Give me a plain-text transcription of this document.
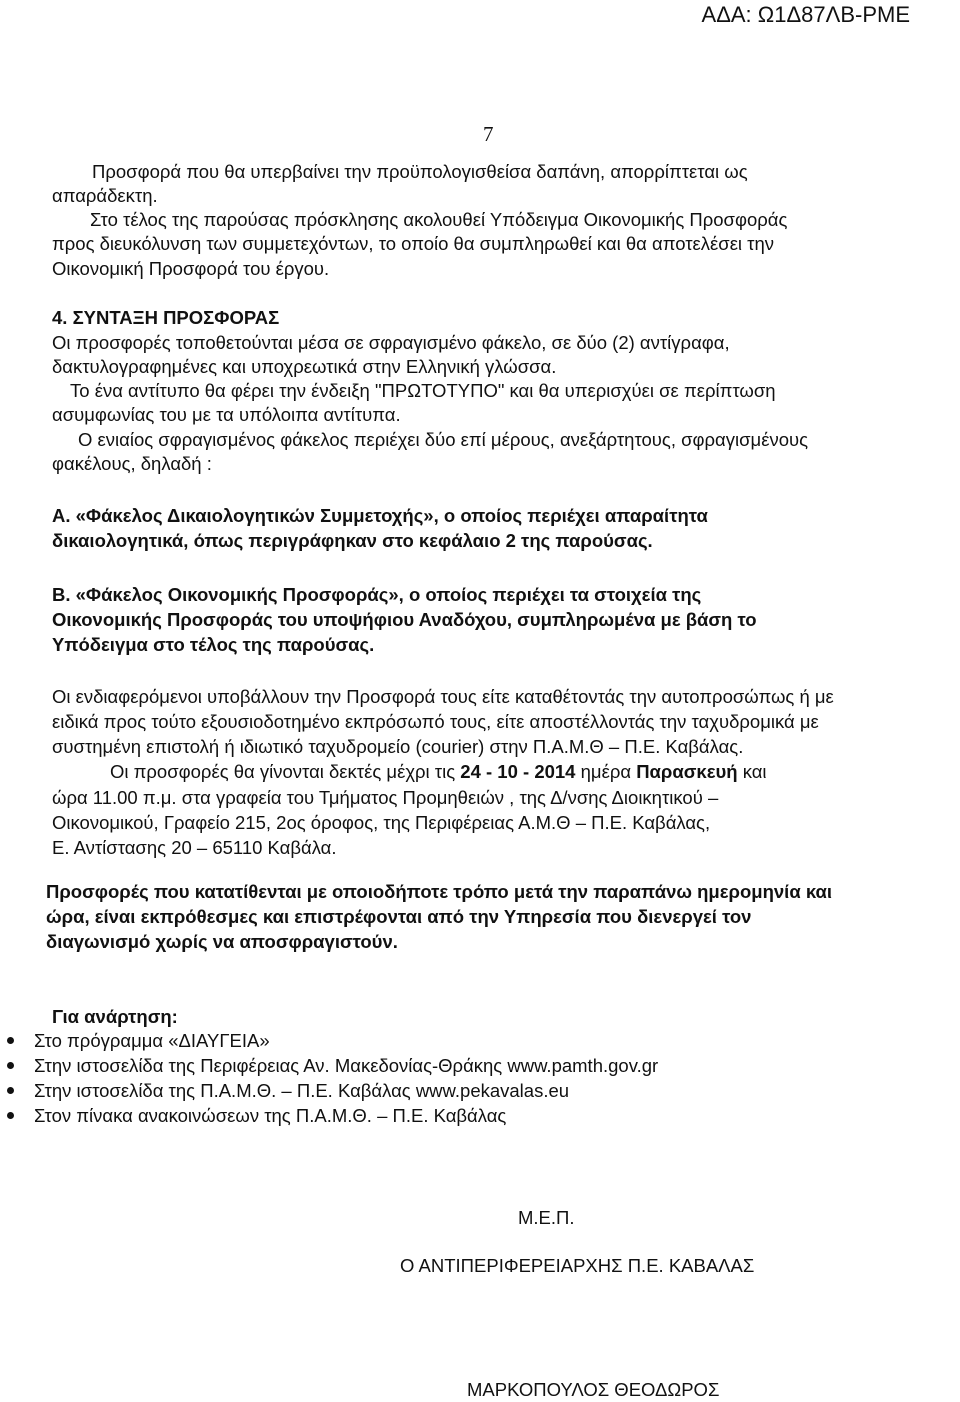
ΑΔΑ: Ω1Δ87ΛΒ-ΡΜΕ
7
Προσφορά που θα υπερβαίνει την προϋπολογισθείσα δαπάνη, απορρίπτεται ως
απαράδεκτη.
Στο τέλος της παρούσας πρόσκλησης ακολουθεί Υπόδειγμα Οικονομικής Προσφοράς
προς διευκόλυνση των συμμετεχόντων, το οποίο θα συμπληρωθεί και θα αποτελέσει την
Οικονομική Προσφορά του έργου.
4. ΣΥΝΤΑΞΗ ΠΡΟΣΦΟΡΑΣ
Οι προσφορές τοποθετούνται μέσα σε σφραγισμένο φάκελο, σε δύο (2) αντίγραφα,
δακτυλογραφημένες και υποχρεωτικά στην Ελληνική γλώσσα.
Το ένα αντίτυπο θα φέρει την ένδειξη "ΠΡΩΤΟΤΥΠΟ" και θα υπερισχύει σε περίπτωση
ασυμφωνίας του με τα υπόλοιπα αντίτυπα.
Ο ενιαίος σφραγισμένος φάκελος περιέχει δύο επί μέρους, ανεξάρτητους, σφραγισμένους
φακέλους, δηλαδή :
Α. «Φάκελος Δικαιολογητικών Συμμετοχής», ο οποίος περιέχει απαραίτητα
δικαιολογητικά, όπως περιγράφηκαν στο κεφάλαιο 2 της παρούσας.
Β. «Φάκελος Οικονομικής Προσφοράς», ο οποίος περιέχει τα στοιχεία της
Οικονομικής Προσφοράς του υποψήφιου Αναδόχου, συμπληρωμένα με βάση το
Υπόδειγμα στο τέλος της παρούσας.
Οι ενδιαφερόμενοι υποβάλλουν την Προσφορά τους είτε καταθέτοντάς την αυτοπροσώπως ή με
ειδικά προς τούτο εξουσιοδοτημένο εκπρόσωπό τους, είτε αποστέλλοντάς την ταχυδρομικά με
συστημένη επιστολή ή ιδιωτικό ταχυδρομείο (courier) στην Π.Α.Μ.Θ – Π.Ε. Καβάλας.
Οι προσφορές θα γίνονται δεκτές μέχρι τις 24 - 10 - 2014 ημέρα Παρασκευή και
ώρα 11.00 π.μ. στα γραφεία του Τμήματος Προμηθειών , της Δ/νσης Διοικητικού –
Οικονομικού, Γραφείο 215, 2ος όροφος, της Περιφέρειας Α.Μ.Θ – Π.Ε. Καβάλας,
Ε. Αντίστασης 20 – 65110 Καβάλα.
Προσφορές που κατατίθενται με οποιοδήποτε τρόπο μετά την παραπάνω ημερομηνία και
ώρα, είναι εκπρόθεσμες και επιστρέφονται από την Υπηρεσία που διενεργεί τον
διαγωνισμό χωρίς να αποσφραγιστούν.
Για ανάρτηση:
Στο πρόγραμμα «ΔΙΑΥΓΕΙΑ»
Στην ιστοσελίδα της Περιφέρειας Αν. Μακεδονίας-Θράκης www.pamth.gov.gr
Στην ιστοσελίδα της Π.Α.Μ.Θ. – Π.Ε. Καβάλας www.pekavalas.eu
Στον πίνακα ανακοινώσεων της Π.Α.Μ.Θ. – Π.Ε. Καβάλας
Μ.Ε.Π.
Ο ΑΝΤΙΠΕΡΙΦΕΡΕΙΑΡΧΗΣ Π.Ε. ΚΑΒΑΛΑΣ
ΜΑΡΚΟΠΟΥΛΟΣ ΘΕΟΔΩΡΟΣ
